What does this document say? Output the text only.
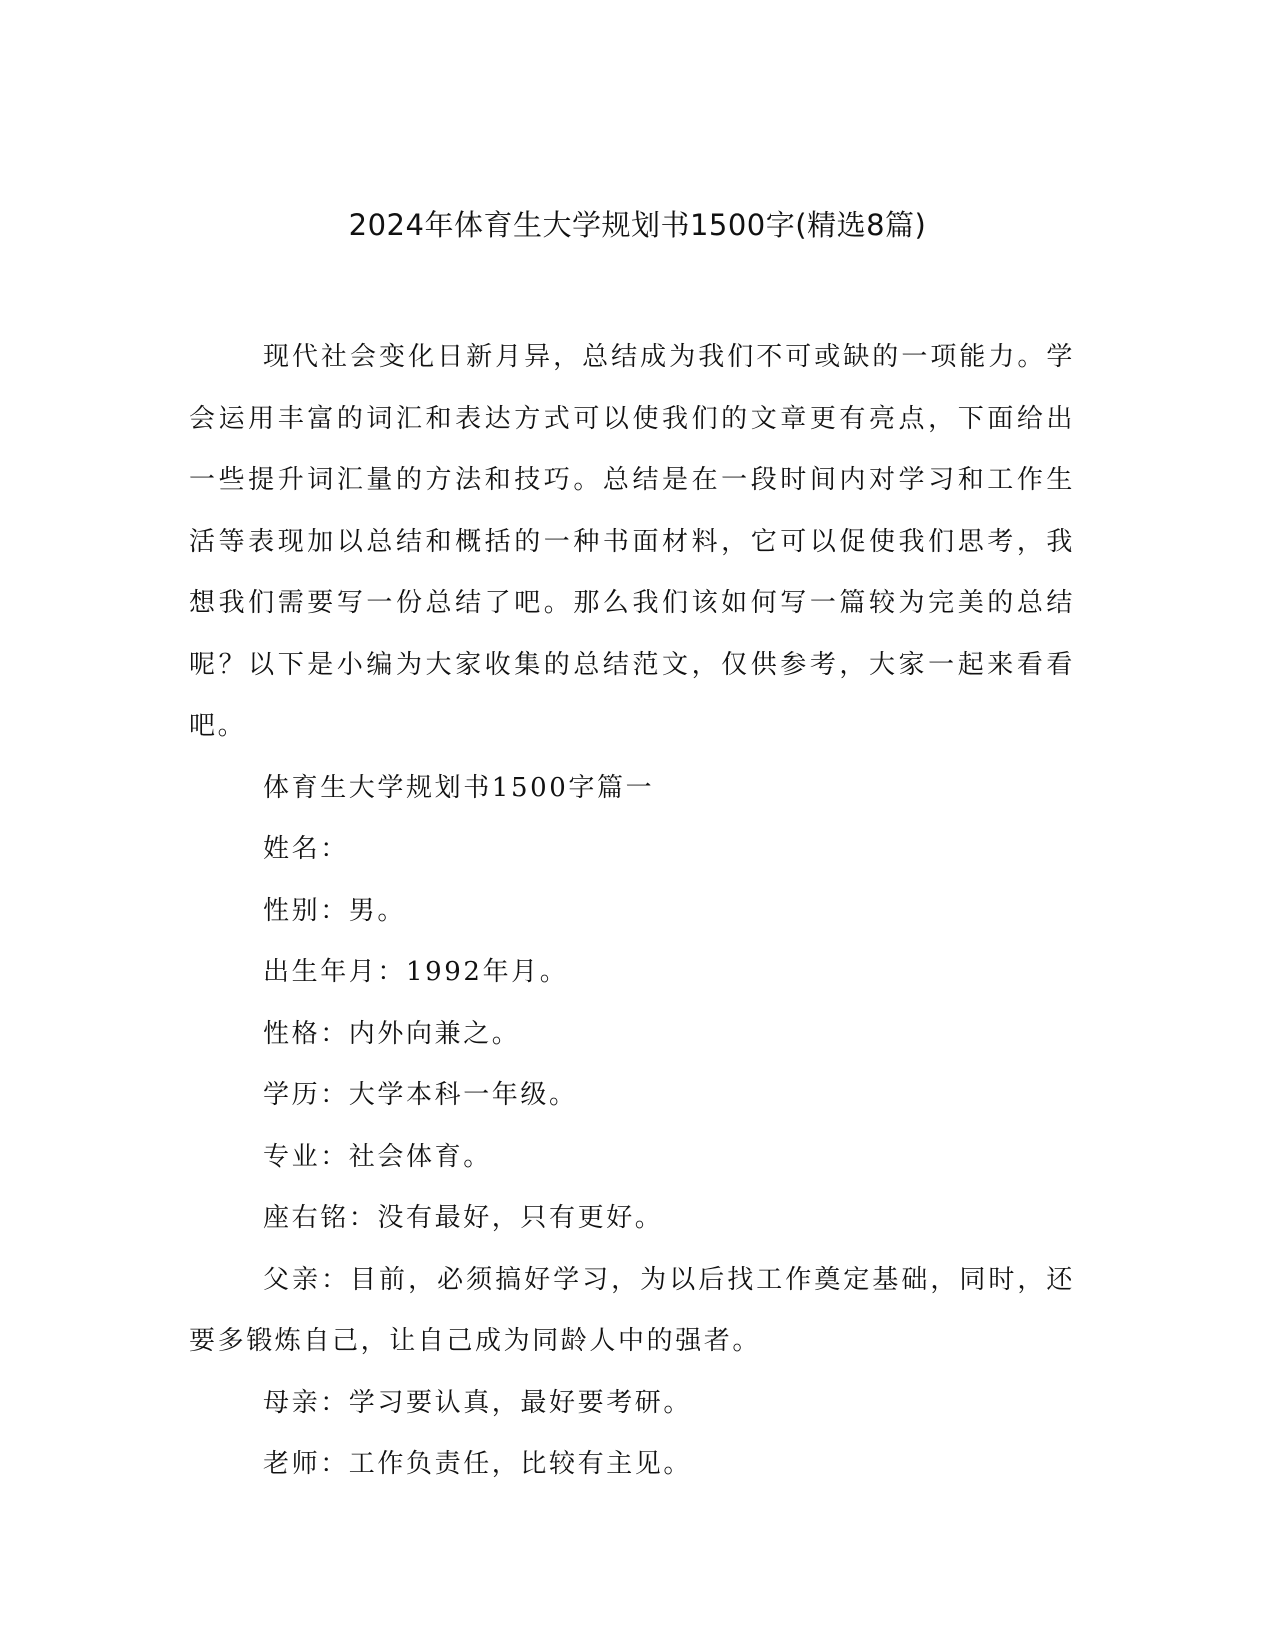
2024年体育生大学规划书1500字(精选8篇)

现代社会变化日新月异，总结成为我们不可或缺的一项能力。学会运用丰富的词汇和表达方式可以使我们的文章更有亮点，下面给出一些提升词汇量的方法和技巧。总结是在一段时间内对学习和工作生活等表现加以总结和概括的一种书面材料，它可以促使我们思考，我想我们需要写一份总结了吧。那么我们该如何写一篇较为完美的总结呢？以下是小编为大家收集的总结范文，仅供参考，大家一起来看看吧。

体育生大学规划书1500字篇一

姓名：

性别：男。

出生年月：1992年月。

性格：内外向兼之。

学历：大学本科一年级。

专业：社会体育。

座右铭：没有最好，只有更好。

父亲：目前，必须搞好学习，为以后找工作奠定基础，同时，还要多锻炼自己，让自己成为同龄人中的强者。

母亲：学习要认真，最好要考研。

老师：工作负责任，比较有主见。
